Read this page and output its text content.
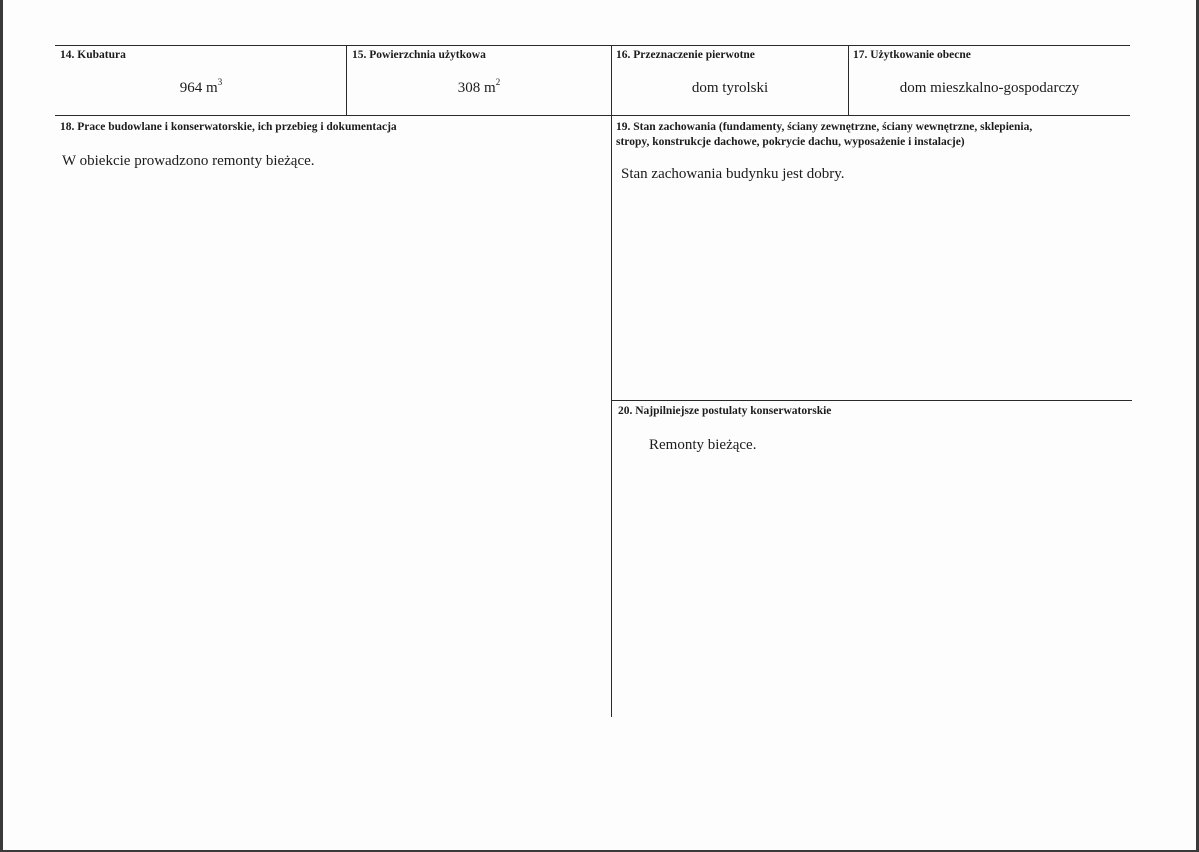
14. Kubatura
964 $m^3$
15. Powierzchnia użytkowa
308 $m^2$
16. Przeznaczenie pierwotne
dom tyrolski
17. Użytkowanie obecne
dom mieszkalno-gospodarczy
18. Prace budowlane i konserwatorskie, ich przebieg i dokumentacja
W obiekcie prowadzono remonty bieżące.
19. Stan zachowania (fundamenty, ściany zewnętrzne, ściany wewnętrzne, sklepienia,
stropy, konstrukcje dachowe, pokrycie dachu, wyposażenie i instalacje)
Stan zachowania budynku jest dobry.
20. Najpilniejsze postulaty konserwatorskie
Remonty bieżące.
